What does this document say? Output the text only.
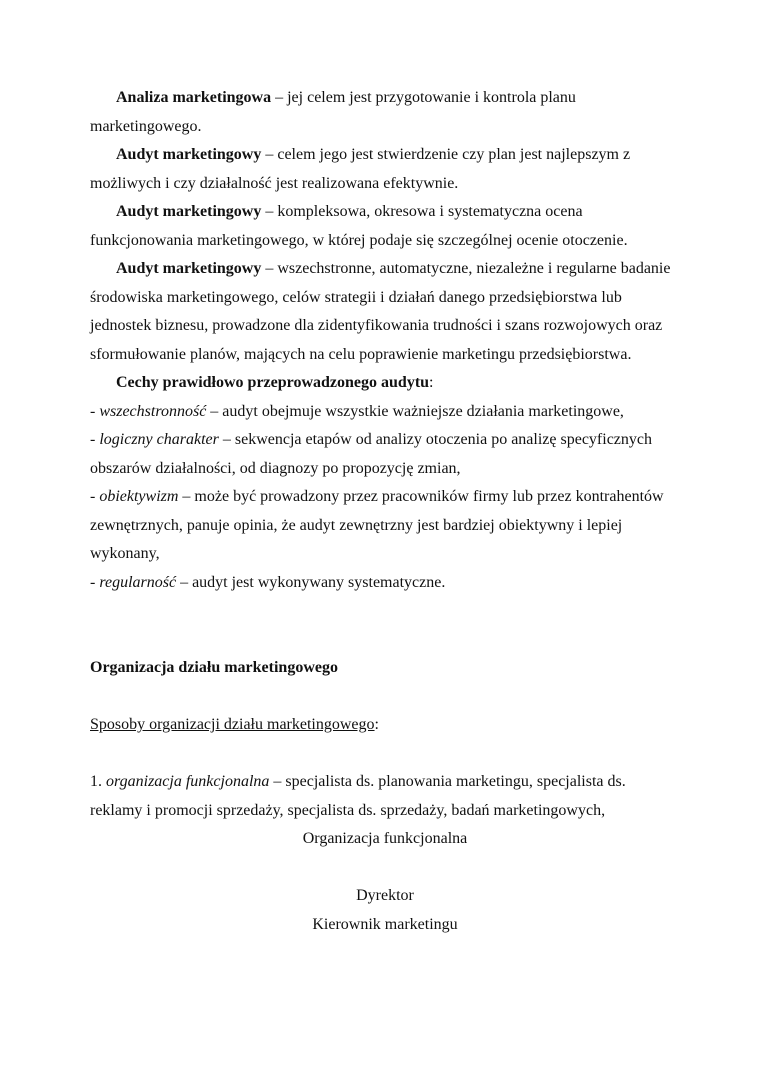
Analiza marketingowa – jej celem jest przygotowanie i kontrola planu marketingowego.

Audyt marketingowy – celem jego jest stwierdzenie czy plan jest najlepszym z możliwych i czy działalność jest realizowana efektywnie.

Audyt marketingowy – kompleksowa, okresowa i systematyczna ocena funkcjonowania marketingowego, w której podaje się szczególnej ocenie otoczenie.

Audyt marketingowy – wszechstronne, automatyczne, niezależne i regularne badanie środowiska marketingowego, celów strategii i działań danego przedsiębiorstwa lub jednostek biznesu, prowadzone dla zidentyfikowania trudności i szans rozwojowych oraz sformułowanie planów, mających na celu poprawienie marketingu przedsiębiorstwa.

Cechy prawidłowo przeprowadzonego audytu:

- wszechstronność – audyt obejmuje wszystkie ważniejsze działania marketingowe,

- logiczny charakter – sekwencja etapów od analizy otoczenia po analizę specyficznych obszarów działalności, od diagnozy po propozycję zmian,

- obiektywizm – może być prowadzony przez pracowników firmy lub przez kontrahentów zewnętrznych, panuje opinia, że audyt zewnętrzny jest bardziej obiektywny i lepiej wykonany,

- regularność – audyt jest wykonywany systematyczne.

Organizacja działu marketingowego

Sposoby organizacji działu marketingowego:

1. organizacja funkcjonalna – specjalista ds. planowania marketingu, specjalista ds. reklamy i promocji sprzedaży, specjalista ds. sprzedaży, badań marketingowych,

Organizacja funkcjonalna

Dyrektor

Kierownik marketingu
